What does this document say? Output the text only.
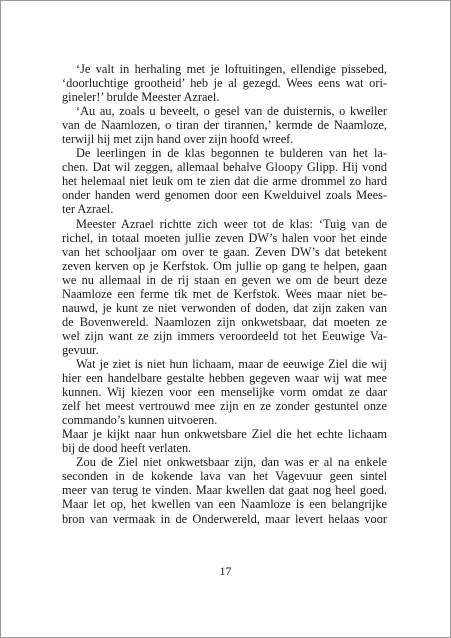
‘Je valt in herhaling met je loftuitingen, ellendige pissebed,
‘doorluchtige grootheid’ heb je al gezegd. Wees eens wat ori-
gineler!’ brulde Meester Azrael.
‘Au au, zoals u beveelt, o gesel van de duisternis, o kweller
van de Naamlozen, o tiran der tirannen,’ kermde de Naamloze,
terwijl hij met zijn hand over zijn hoofd wreef.
De leerlingen in de klas begonnen te bulderen van het la-
chen. Dat wil zeggen, allemaal behalve Gloopy Glipp. Hij vond
het helemaal niet leuk om te zien dat die arme drommel zo hard
onder handen werd genomen door een Kwelduivel zoals Mees-
ter Azrael.
Meester Azrael richtte zich weer tot de klas: ‘Tuig van de
richel, in totaal moeten jullie zeven DW’s halen voor het einde
van het schooljaar om over te gaan. Zeven DW’s dat betekent
zeven kerven op je Kerfstok. Om jullie op gang te helpen, gaan
we nu allemaal in de rij staan en geven we om de beurt deze
Naamloze een ferme tik met de Kerfstok. Wees maar niet be-
nauwd, je kunt ze niet verwonden of doden, dat zijn zaken van
de Bovenwereld. Naamlozen zijn onkwetsbaar, dat moeten ze
wel zijn want ze zijn immers veroordeeld tot het Eeuwige Va-
gevuur.
Wat je ziet is niet hun lichaam, maar de eeuwige Ziel die wij
hier een handelbare gestalte hebben gegeven waar wij wat mee
kunnen. Wij kiezen voor een menselijke vorm omdat ze daar
zelf het meest vertrouwd mee zijn en ze zonder gestuntel onze
commando’s kunnen uitvoeren.
Maar je kijkt naar hun onkwetsbare Ziel die het echte lichaam
bij de dood heeft verlaten.
Zou de Ziel niet onkwetsbaar zijn, dan was er al na enkele
seconden in de kokende lava van het Vagevuur geen sintel
meer van terug te vinden. Maar kwellen dat gaat nog heel goed.
Maar let op, het kwellen van een Naamloze is een belangrijke
bron van vermaak in de Onderwereld, maar levert helaas voor
17
